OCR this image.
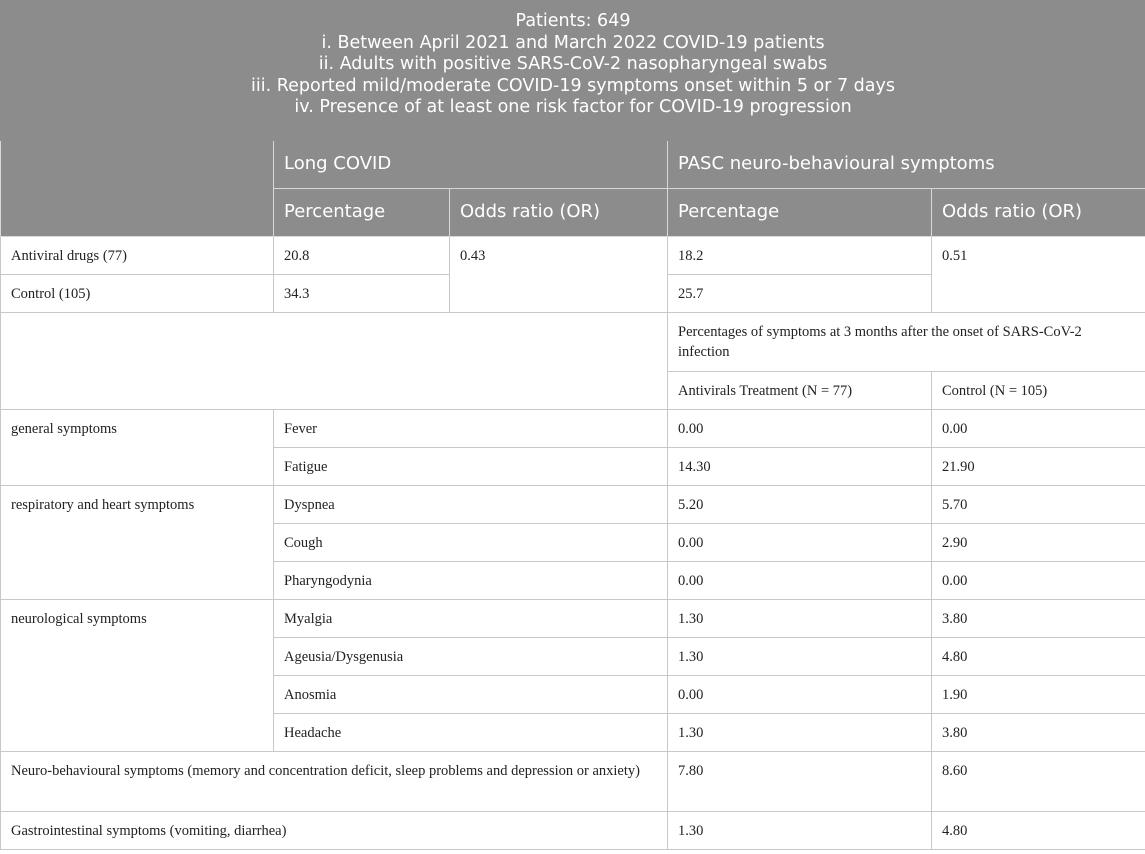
Patients: 649
i. Between April 2021 and March 2022 COVID-19 patients
ii. Adults with positive SARS-CoV-2 nasopharyngeal swabs
iii. Reported mild/moderate COVID-19 symptoms onset within 5 or 7 days
iv. Presence of at least one risk factor for COVID-19 progression				

	Long COVID		PASC neuro-behavioural symptoms	
	Percentage	Odds ratio (OR)	Percentage	Odds ratio (OR)
Antiviral drugs (77)	20.8	0.43	18.2	0.51
Control (105)	34.3		25.7	
			Percentages of symptoms at 3 months after the onset of SARS-CoV-2 infection	
			Antivirals Treatment (N = 77)	Control (N = 105)
general symptoms	Fever		0.00	0.00
	Fatigue		14.30	21.90
respiratory and heart symptoms	Dyspnea		5.20	5.70
	Cough		0.00	2.90
	Pharyngodynia		0.00	0.00
neurological symptoms	Myalgia		1.30	3.80
	Ageusia/Dysgenusia		1.30	4.80
	Anosmia		0.00	1.90
	Headache		1.30	3.80
Neuro-behavioural symptoms (memory and concentration deficit, sleep problems and depression or anxiety)			7.80	8.60
Gastrointestinal symptoms (vomiting, diarrhea)			1.30	4.80
